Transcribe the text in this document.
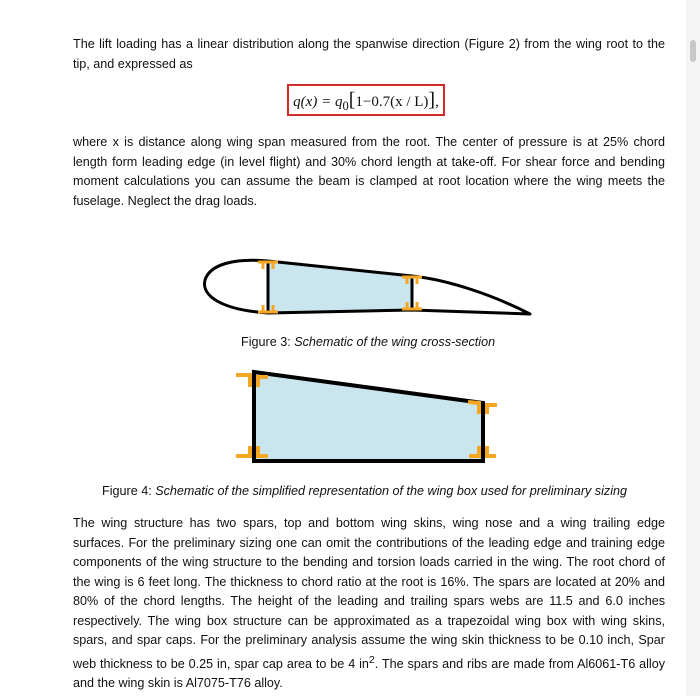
The lift loading has a linear distribution along the spanwise direction (Figure 2) from the wing root to the tip, and expressed as

$q(x) = q_0[1-0.7(x / L)]$,

where x is distance along wing span measured from the root. The center of pressure is at 25% chord length form leading edge (in level flight) and 30% chord length at take-off. For shear force and bending moment calculations you can assume the beam is clamped at root location where the wing meets the fuselage. Neglect the drag loads.

Figure 3: Schematic of the wing cross-section
Figure 4: Schematic of the simplified representation of the wing box used for preliminary sizing

The wing structure has two spars, top and bottom wing skins, wing nose and a wing trailing edge surfaces. For the preliminary sizing one can omit the contributions of the leading edge and training edge components of the wing structure to the bending and torsion loads carried in the wing. The root chord of the wing is 6 feet long. The thickness to chord ratio at the root is 16%. The spars are located at 20% and 80% of the chord lengths. The height of the leading and trailing spars webs are 11.5 and 6.0 inches respectively. The wing box structure can be approximated as a trapezoidal wing box with wing skins, spars, and spar caps. For the preliminary analysis assume the wing skin thickness to be 0.10 inch, Spar web thickness to be 0.25 in, spar cap area to be 4 $in^2$. The spars and ribs are made from Al6061-T6 alloy and the wing skin is Al7075-T76 alloy.
